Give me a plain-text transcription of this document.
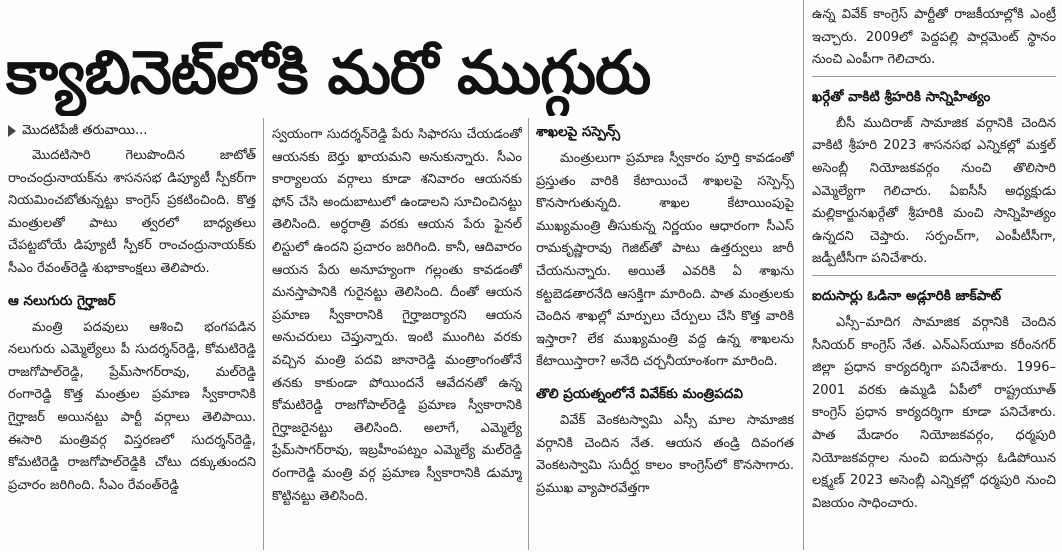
క్యాబినెట్‌లోకి మరో ముగ్గురు
మొదటిపేజీ తరువాయి...

మొదటిసారి గెలుపొందిన జాటోత్ రాంచంద్రునాయక్‌ను శాసనసభ డిప్యూటీ స్పీకర్‌గా నియమించబోతున్నట్టు కాంగ్రెస్ ప్రకటించింది. కొత్త మంత్రులతో పాటు త్వరలో బాధ్యతలు చేపట్టబోయే డిప్యూటీ స్పీకర్ రాంచంద్రునాయక్‌కు సీఎం రేవంత్‌రెడ్డి శుభాకాంక్షలు తెలిపారు.

ఆ నలుగురు గైర్హాజర్

మంత్రి పదవులు ఆశించి భంగపడిన నలుగురు ఎమ్మెల్యేలు పీ సుదర్శన్‌రెడ్డి, కోమటిరెడ్డి రాజగోపాల్‌రెడ్డి, ప్రేమ్‌సాగర్‌రావు, మల్‌రెడ్డి రంగారెడ్డి కొత్త మంత్రుల ప్రమాణ స్వీకారానికి గైర్హాజర్ అయినట్టు పార్టీ వర్గాలు తెలిపాయి. ఈసారి మంత్రివర్గ విస్తరణలో సుదర్శన్‌రెడ్డి, కోమటిరెడ్డి రాజగోపాల్‌రెడ్డికి చోటు దక్కుతుందని ప్రచారం జరిగింది. సీఎం రేవంత్‌రెడ్డి

స్వయంగా సుదర్శన్‌రెడ్డి పేరు సిఫారసు చేయడంతో ఆయనకు బెర్తు ఖాయమని అనుకున్నారు. సీఎం కార్యాలయ వర్గాలు కూడా శనివారం ఆయనకు ఫోన్ చేసి అందుబాటులో ఉండాలని సూచించినట్టు తెలిసింది. అర్ధరాత్రి వరకు ఆయన పేరు ఫైనల్ లిస్టులో ఉందని ప్రచారం జరిగింది. కానీ, ఆదివారం ఆయన పేరు అనూహ్యంగా గల్లంతు కావడంతో మనస్తాపానికి గురైనట్టు తెలిసింది. దీంతో ఆయన ప్రమాణ స్వీకారానికి గైర్హాజర్యారని ఆయన అనుచరులు చెప్తున్నారు. ఇంటి ముంగిట వరకు వచ్చిన మంత్రి పదవి జానారెడ్డి మంత్రాంగంతోనే తనకు కాకుండా పోయిందనే ఆవేదనతో ఉన్న కోమటిరెడ్డి రాజగోపాల్‌రెడ్డి ప్రమాణ స్వీకారానికి గైర్హాజరైనట్టు తెలిసింది. అలాగే, ఎమ్మెల్యే ప్రేమ్‌సాగర్‌రావు, ఇబ్రహీంపట్నం ఎమ్మెల్యే మల్‌రెడ్డి రంగారెడ్డి మంత్రి వర్గ ప్రమాణ స్వీకారానికి డుమ్మా కొట్టినట్టు తెలిసింది.

శాఖలపై సస్పెన్స్

మంత్రులుగా ప్రమాణ స్వీకారం పూర్తి కావడంతో ప్రస్తుతం వారికి కేటాయించే శాఖలపై సస్పెన్స్ కొనసాగుతున్నది. శాఖల కేటాయింపుపై ముఖ్యమంత్రి తీసుకున్న నిర్ణయం ఆధారంగా సీఎస్ రామకృష్ణారావు గెజిట్‌తో పాటు ఉత్తర్వులు జారీ చేయనున్నారు. అయితే ఎవరికి ఏ శాఖను కట్టబెడతారనేది ఆసక్తిగా మారింది. పాత మంత్రులకు చెందిన శాఖల్లో మార్పులు చేర్పులు చేసి కొత్త వారికి ఇస్తారా? లేక ముఖ్యమంత్రి వద్ద ఉన్న శాఖలను కేటాయిస్తారా? అనేది చర్చనీయాంశంగా మారింది.

తొలి ప్రయత్నంలోనే వివేక్‌కు మంత్రిపదవి

వివేక్ వెంకటస్వామి ఎస్సీ మాల సామాజిక వర్గానికి చెందిన నేత. ఆయన తండ్రి దివంగత వెంకటస్వామి సుదీర్ఘ కాలం కాంగ్రెస్‌లో కొనసాగారు. ప్రముఖ వ్యాపారవేత్తగా

ఉన్న వివేక్ కాంగ్రెస్ పార్టీతో రాజకీయాల్లోకి ఎంట్రీ ఇచ్చారు. 2009లో పెద్దపల్లి పార్లమెంట్ స్థానం నుంచి ఎంపీగా గెలిచారు.

ఖర్గేతో వాకిటి శ్రీహరికి సాన్నిహిత్యం

బీసీ ముదిరాజ్ సామాజిక వర్గానికి చెందిన వాకిటి శ్రీహరి 2023 శాసనసభ ఎన్నికల్లో మక్తల్ అసెంబ్లీ నియోజకవర్గం నుంచి తొలిసారి ఎమ్మెల్యేగా గెలిచారు. ఏఐసీసీ అధ్యక్షుడు మల్లికార్జునఖర్గేతో శ్రీహరికి మంచి సాన్నిహిత్యం ఉన్నదని చెప్తారు. సర్పంచ్‌గా, ఎంపీటీసీగా, జడ్పీటీసీగా పనిచేశారు.

ఐదుసార్లు ఓడినా అడ్లూరికి జాక్‌పాట్

ఎస్సీ–మాదిగ సామాజిక వర్గానికి చెందిన సీనియర్ కాంగ్రెస్ నేత. ఎన్ఎస్‌యూఐ కరీంనగర్ జిల్లా ప్రధాన కార్యదర్శిగా పనిచేశారు. 1996–2001 వరకు ఉమ్మడి ఏపీలో రాష్ట్రయూత్ కాంగ్రెస్ ప్రధాన కార్యదర్శిగా కూడా పనిచేశారు. పాత మేడారం నియోజకవర్గం, ధర్మపురి నియోజకవర్గాల నుంచి ఐదుసార్లు ఓడిపోయిన లక్ష్మణ్ 2023 అసెంబ్లీ ఎన్నికల్లో ధర్మపురి నుంచి విజయం సాధించారు.
